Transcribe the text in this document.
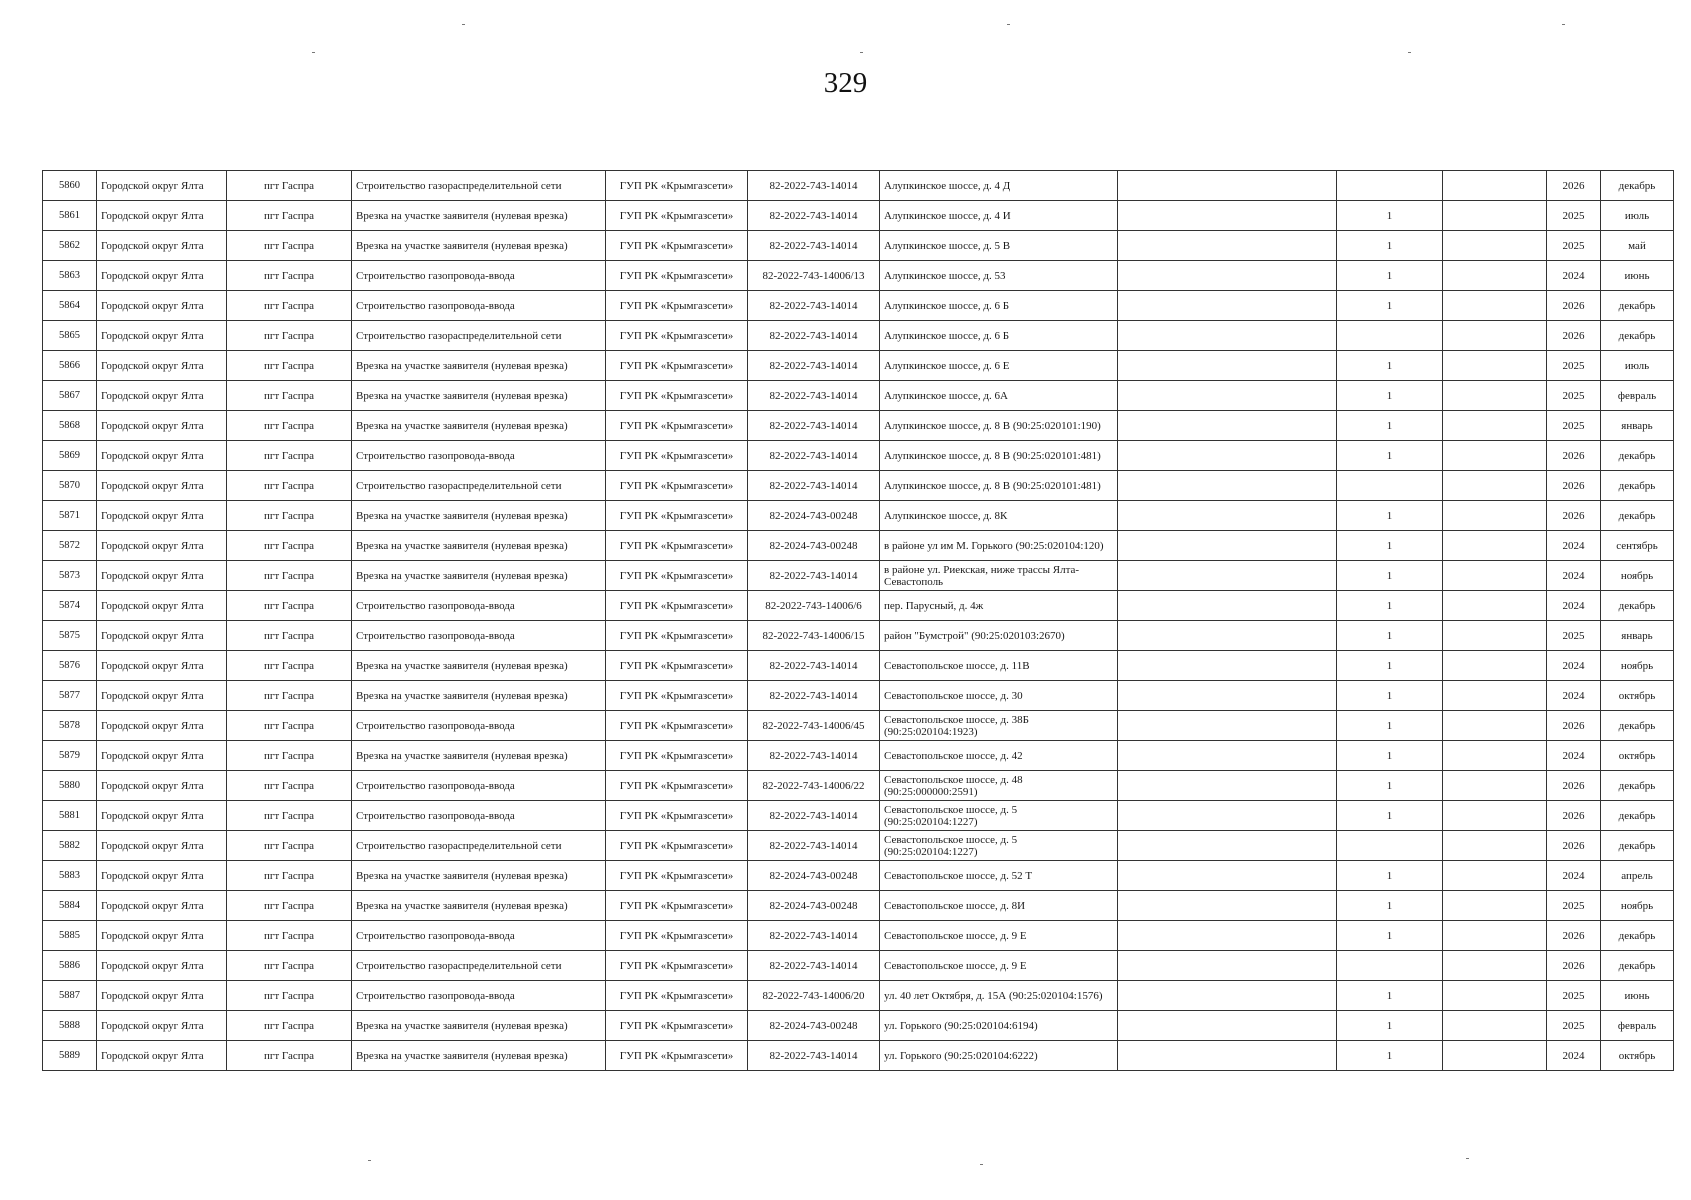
329
5860	Городской округ Ялта	пгт Гаспра	Строительство газораспределительной сети	ГУП РК «Крымгазсети»	82-2022-743-14014	Алупкинское шоссе, д. 4 Д				2026	декабрь
5861	Городской округ Ялта	пгт Гаспра	Врезка на участке заявителя (нулевая врезка)	ГУП РК «Крымгазсети»	82-2022-743-14014	Алупкинское шоссе, д. 4 И		1		2025	июль
5862	Городской округ Ялта	пгт Гаспра	Врезка на участке заявителя (нулевая врезка)	ГУП РК «Крымгазсети»	82-2022-743-14014	Алупкинское шоссе, д. 5 В		1		2025	май
5863	Городской округ Ялта	пгт Гаспра	Строительство газопровода-ввода	ГУП РК «Крымгазсети»	82-2022-743-14006/13	Алупкинское шоссе, д. 53		1		2024	июнь
5864	Городской округ Ялта	пгт Гаспра	Строительство газопровода-ввода	ГУП РК «Крымгазсети»	82-2022-743-14014	Алупкинское шоссе, д. 6 Б		1		2026	декабрь
5865	Городской округ Ялта	пгт Гаспра	Строительство газораспределительной сети	ГУП РК «Крымгазсети»	82-2022-743-14014	Алупкинское шоссе, д. 6 Б				2026	декабрь
5866	Городской округ Ялта	пгт Гаспра	Врезка на участке заявителя (нулевая врезка)	ГУП РК «Крымгазсети»	82-2022-743-14014	Алупкинское шоссе, д. 6 Е		1		2025	июль
5867	Городской округ Ялта	пгт Гаспра	Врезка на участке заявителя (нулевая врезка)	ГУП РК «Крымгазсети»	82-2022-743-14014	Алупкинское шоссе, д. 6А		1		2025	февраль
5868	Городской округ Ялта	пгт Гаспра	Врезка на участке заявителя (нулевая врезка)	ГУП РК «Крымгазсети»	82-2022-743-14014	Алупкинское шоссе, д. 8 В (90:25:020101:190)		1		2025	январь
5869	Городской округ Ялта	пгт Гаспра	Строительство газопровода-ввода	ГУП РК «Крымгазсети»	82-2022-743-14014	Алупкинское шоссе, д. 8 В (90:25:020101:481)		1		2026	декабрь
5870	Городской округ Ялта	пгт Гаспра	Строительство газораспределительной сети	ГУП РК «Крымгазсети»	82-2022-743-14014	Алупкинское шоссе, д. 8 В (90:25:020101:481)				2026	декабрь
5871	Городской округ Ялта	пгт Гаспра	Врезка на участке заявителя (нулевая врезка)	ГУП РК «Крымгазсети»	82-2024-743-00248	Алупкинское шоссе, д. 8К		1		2026	декабрь
5872	Городской округ Ялта	пгт Гаспра	Врезка на участке заявителя (нулевая врезка)	ГУП РК «Крымгазсети»	82-2024-743-00248	в районе ул им М. Горького (90:25:020104:120)		1		2024	сентябрь
5873	Городской округ Ялта	пгт Гаспра	Врезка на участке заявителя (нулевая врезка)	ГУП РК «Крымгазсети»	82-2022-743-14014	в районе ул. Риекская, ниже трассы Ялта-Севастополь		1		2024	ноябрь
5874	Городской округ Ялта	пгт Гаспра	Строительство газопровода-ввода	ГУП РК «Крымгазсети»	82-2022-743-14006/6	пер. Парусный, д. 4ж		1		2024	декабрь
5875	Городской округ Ялта	пгт Гаспра	Строительство газопровода-ввода	ГУП РК «Крымгазсети»	82-2022-743-14006/15	район "Бумстрой" (90:25:020103:2670)		1		2025	январь
5876	Городской округ Ялта	пгт Гаспра	Врезка на участке заявителя (нулевая врезка)	ГУП РК «Крымгазсети»	82-2022-743-14014	Севастопольское шоссе, д. 11В		1		2024	ноябрь
5877	Городской округ Ялта	пгт Гаспра	Врезка на участке заявителя (нулевая врезка)	ГУП РК «Крымгазсети»	82-2022-743-14014	Севастопольское шоссе, д. 30		1		2024	октябрь
5878	Городской округ Ялта	пгт Гаспра	Строительство газопровода-ввода	ГУП РК «Крымгазсети»	82-2022-743-14006/45	Севастопольское шоссе, д. 38Б (90:25:020104:1923)		1		2026	декабрь
5879	Городской округ Ялта	пгт Гаспра	Врезка на участке заявителя (нулевая врезка)	ГУП РК «Крымгазсети»	82-2022-743-14014	Севастопольское шоссе, д. 42		1		2024	октябрь
5880	Городской округ Ялта	пгт Гаспра	Строительство газопровода-ввода	ГУП РК «Крымгазсети»	82-2022-743-14006/22	Севастопольское шоссе, д. 48 (90:25:000000:2591)		1		2026	декабрь
5881	Городской округ Ялта	пгт Гаспра	Строительство газопровода-ввода	ГУП РК «Крымгазсети»	82-2022-743-14014	Севастопольское шоссе, д. 5 (90:25:020104:1227)		1		2026	декабрь
5882	Городской округ Ялта	пгт Гаспра	Строительство газораспределительной сети	ГУП РК «Крымгазсети»	82-2022-743-14014	Севастопольское шоссе, д. 5 (90:25:020104:1227)				2026	декабрь
5883	Городской округ Ялта	пгт Гаспра	Врезка на участке заявителя (нулевая врезка)	ГУП РК «Крымгазсети»	82-2024-743-00248	Севастопольское шоссе, д. 52 Т		1		2024	апрель
5884	Городской округ Ялта	пгт Гаспра	Врезка на участке заявителя (нулевая врезка)	ГУП РК «Крымгазсети»	82-2024-743-00248	Севастопольское шоссе, д. 8И		1		2025	ноябрь
5885	Городской округ Ялта	пгт Гаспра	Строительство газопровода-ввода	ГУП РК «Крымгазсети»	82-2022-743-14014	Севастопольское шоссе, д. 9 Е		1		2026	декабрь
5886	Городской округ Ялта	пгт Гаспра	Строительство газораспределительной сети	ГУП РК «Крымгазсети»	82-2022-743-14014	Севастопольское шоссе, д. 9 Е				2026	декабрь
5887	Городской округ Ялта	пгт Гаспра	Строительство газопровода-ввода	ГУП РК «Крымгазсети»	82-2022-743-14006/20	ул. 40 лет Октября, д. 15А (90:25:020104:1576)		1		2025	июнь
5888	Городской округ Ялта	пгт Гаспра	Врезка на участке заявителя (нулевая врезка)	ГУП РК «Крымгазсети»	82-2024-743-00248	ул. Горького (90:25:020104:6194)		1		2025	февраль
5889	Городской округ Ялта	пгт Гаспра	Врезка на участке заявителя (нулевая врезка)	ГУП РК «Крымгазсети»	82-2022-743-14014	ул. Горького (90:25:020104:6222)		1		2024	октябрь
